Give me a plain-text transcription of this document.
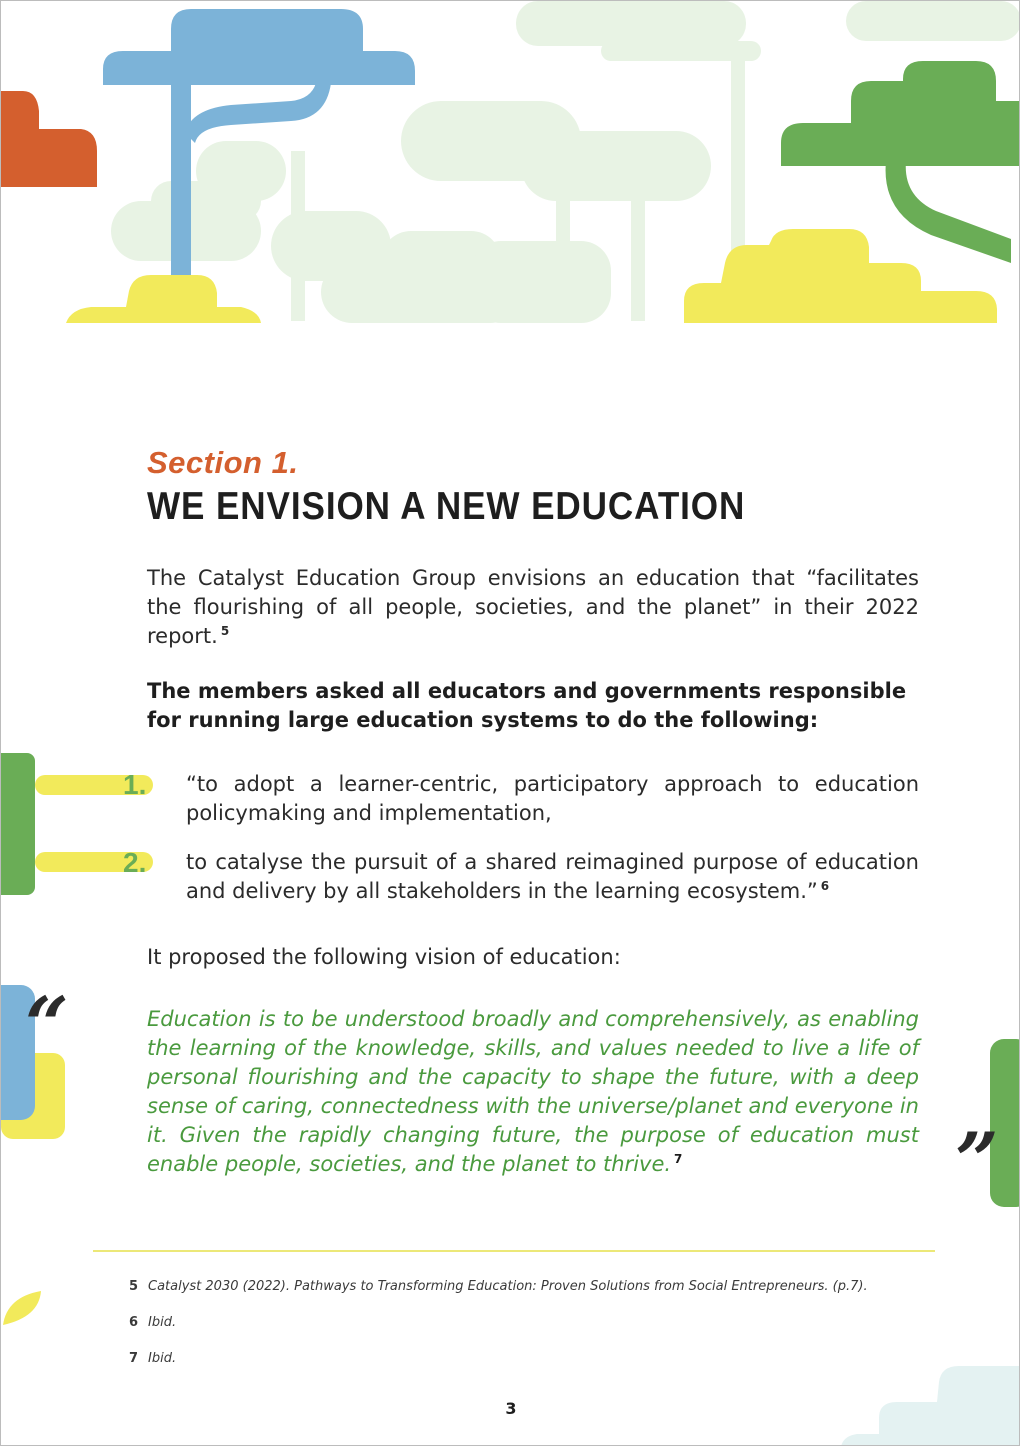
Section 1.
WE ENVISION A NEW EDUCATION

The Catalyst Education Group envisions an education that “facilitates the flourishing of all people, societies, and the planet” in their 2022 report. $^5$

The members asked all educators and governments responsible for running large education systems to do the following:

1. “to adopt a learner-centric, participatory approach to education policymaking and implementation,

2. to catalyse the pursuit of a shared reimagined purpose of education and delivery by all stakeholders in the learning ecosystem.” $^6$

It proposed the following vision of education:

“	Education is to be understood broadly and comprehensively, as enabling the learning of the knowledge, skills, and values needed to live a life of personal flourishing and the capacity to shape the future, with a deep sense of caring, connectedness with the universe/planet and everyone in it. Given the rapidly changing future, the purpose of education must enable people, societies, and the planet to thrive. $^7$	”
5 Catalyst 2030 (2022). Pathways to Transforming Education: Proven Solutions from Social Entrepreneurs. (p.7).
6 Ibid.
7 Ibid.
3
